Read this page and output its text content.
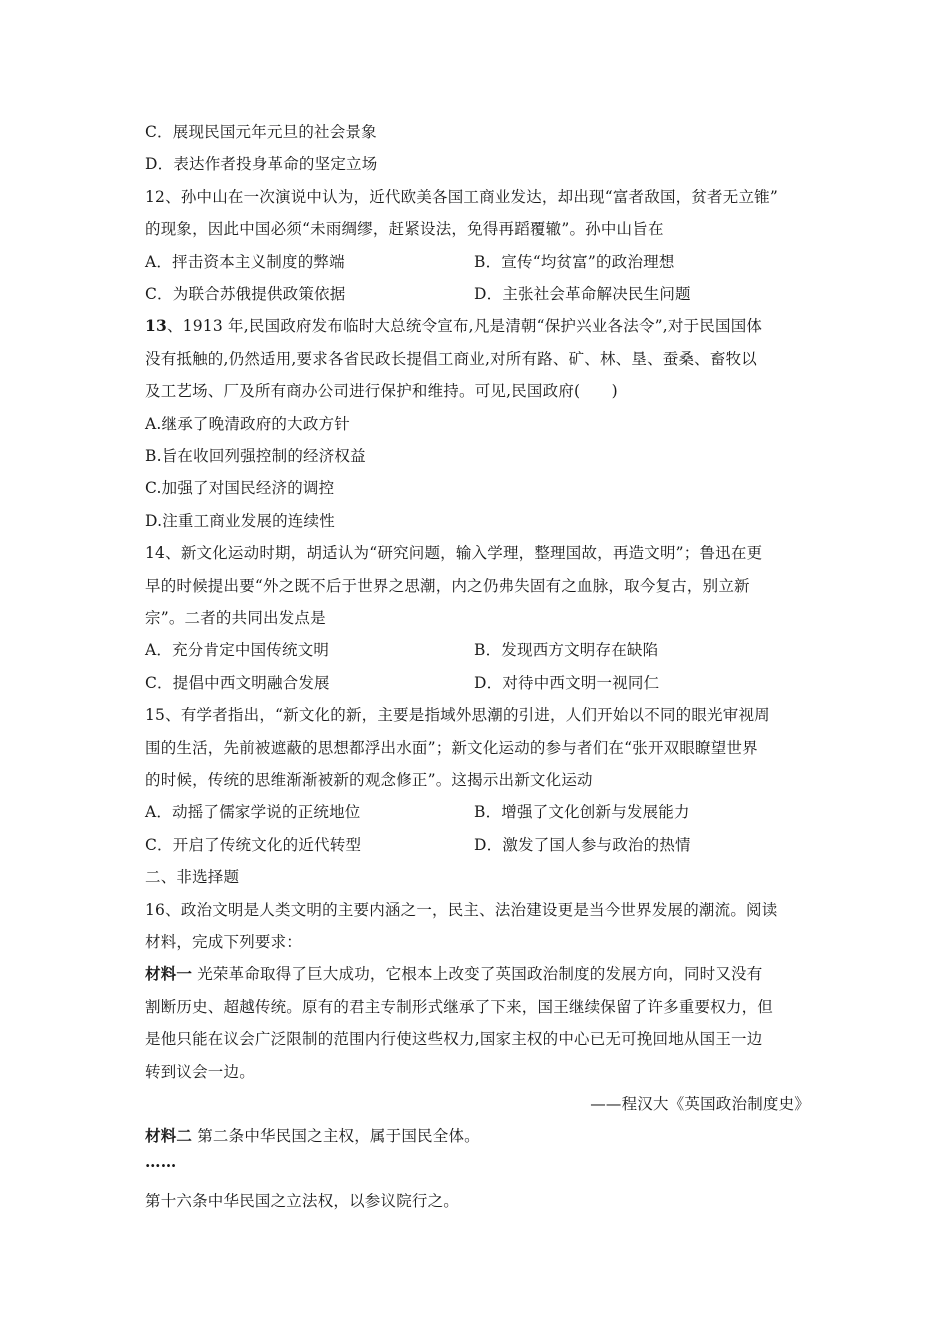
C．展现民国元年元旦的社会景象
D．表达作者投身革命的坚定立场
12、孙中山在一次演说中认为，近代欧美各国工商业发达，却出现“富者敌国，贫者无立锥”
的现象，因此中国必须“未雨绸缪，赶紧设法，免得再蹈覆辙”。孙中山旨在
A．抨击资本主义制度的弊端	B．宣传“均贫富”的政治理想
C．为联合苏俄提供政策依据	D．主张社会革命解决民生问题
13、1913 年,民国政府发布临时大总统令宣布,凡是清朝“保护兴业各法令”,对于民国国体
没有抵触的,仍然适用,要求各省民政长提倡工商业,对所有路、矿、林、垦、蚕桑、畜牧以
及工艺场、厂及所有商办公司进行保护和维持。可见,民国政府(　　)
A.继承了晚清政府的大政方针
B.旨在收回列强控制的经济权益
C.加强了对国民经济的调控
D.注重工商业发展的连续性
14、新文化运动时期，胡适认为“研究问题，输入学理，整理国故，再造文明”；鲁迅在更
早的时候提出要“外之既不后于世界之思潮，内之仍弗失固有之血脉，取今复古，别立新
宗”。二者的共同出发点是
A．充分肯定中国传统文明	B．发现西方文明存在缺陷
C．提倡中西文明融合发展	D．对待中西文明一视同仁
15、有学者指出，“新文化的新，主要是指域外思潮的引进，人们开始以不同的眼光审视周
围的生活，先前被遮蔽的思想都浮出水面”；新文化运动的参与者们在“张开双眼瞭望世界
的时候，传统的思维渐渐被新的观念修正”。这揭示出新文化运动
A．动摇了儒家学说的正统地位	B．增强了文化创新与发展能力
C．开启了传统文化的近代转型	D．激发了国人参与政治的热情
二、非选择题
16、政治文明是人类文明的主要内涵之一，民主、法治建设更是当今世界发展的潮流。阅读
材料，完成下列要求：
材料一 光荣革命取得了巨大成功，它根本上改变了英国政治制度的发展方向，同时又没有
割断历史、超越传统。原有的君主专制形式继承了下来，国王继续保留了许多重要权力，但
是他只能在议会广泛限制的范围内行使这些权力,国家主权的中心已无可挽回地从国王一边
转到议会一边。
——程汉大《英国政治制度史》
材料二 第二条中华民国之主权，属于国民全体。
……
第十六条中华民国之立法权，以参议院行之。
